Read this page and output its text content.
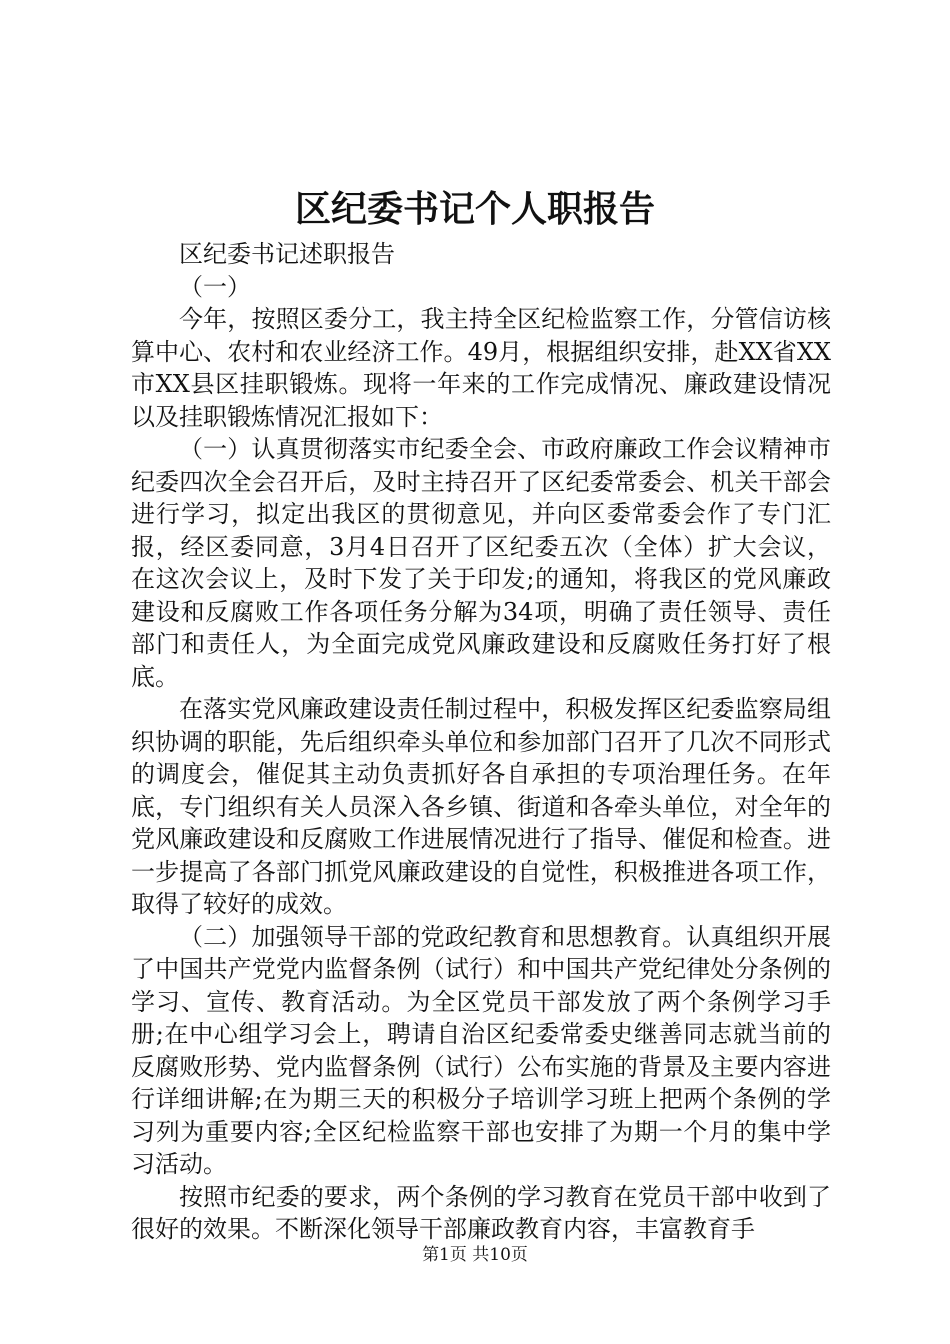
区纪委书记个人职报告

区纪委书记述职报告

（一）

今年，按照区委分工，我主持全区纪检监察工作，分管信访核算中心、农村和农业经济工作。49月，根据组织安排，赴XX省XX市XX县区挂职锻炼。现将一年来的工作完成情况、廉政建设情况以及挂职锻炼情况汇报如下：

（一）认真贯彻落实市纪委全会、市政府廉政工作会议精神市纪委四次全会召开后，及时主持召开了区纪委常委会、机关干部会进行学习，拟定出我区的贯彻意见，并向区委常委会作了专门汇报，经区委同意，3月4日召开了区纪委五次（全体）扩大会议，在这次会议上，及时下发了关于印发;的通知，将我区的党风廉政建设和反腐败工作各项任务分解为34项，明确了责任领导、责任部门和责任人，为全面完成党风廉政建设和反腐败任务打好了根底。

在落实党风廉政建设责任制过程中，积极发挥区纪委监察局组织协调的职能，先后组织牵头单位和参加部门召开了几次不同形式的调度会，催促其主动负责抓好各自承担的专项治理任务。在年底，专门组织有关人员深入各乡镇、街道和各牵头单位，对全年的党风廉政建设和反腐败工作进展情况进行了指导、催促和检查。进一步提高了各部门抓党风廉政建设的自觉性，积极推进各项工作，取得了较好的成效。

（二）加强领导干部的党政纪教育和思想教育。认真组织开展了中国共产党党内监督条例（试行）和中国共产党纪律处分条例的学习、宣传、教育活动。为全区党员干部发放了两个条例学习手册;在中心组学习会上，聘请自治区纪委常委史继善同志就当前的反腐败形势、党内监督条例（试行）公布实施的背景及主要内容进行详细讲解;在为期三天的积极分子培训学习班上把两个条例的学习列为重要内容;全区纪检监察干部也安排了为期一个月的集中学习活动。

按照市纪委的要求，两个条例的学习教育在党员干部中收到了很好的效果。不断深化领导干部廉政教育内容，丰富教育手

第1页 共10页
